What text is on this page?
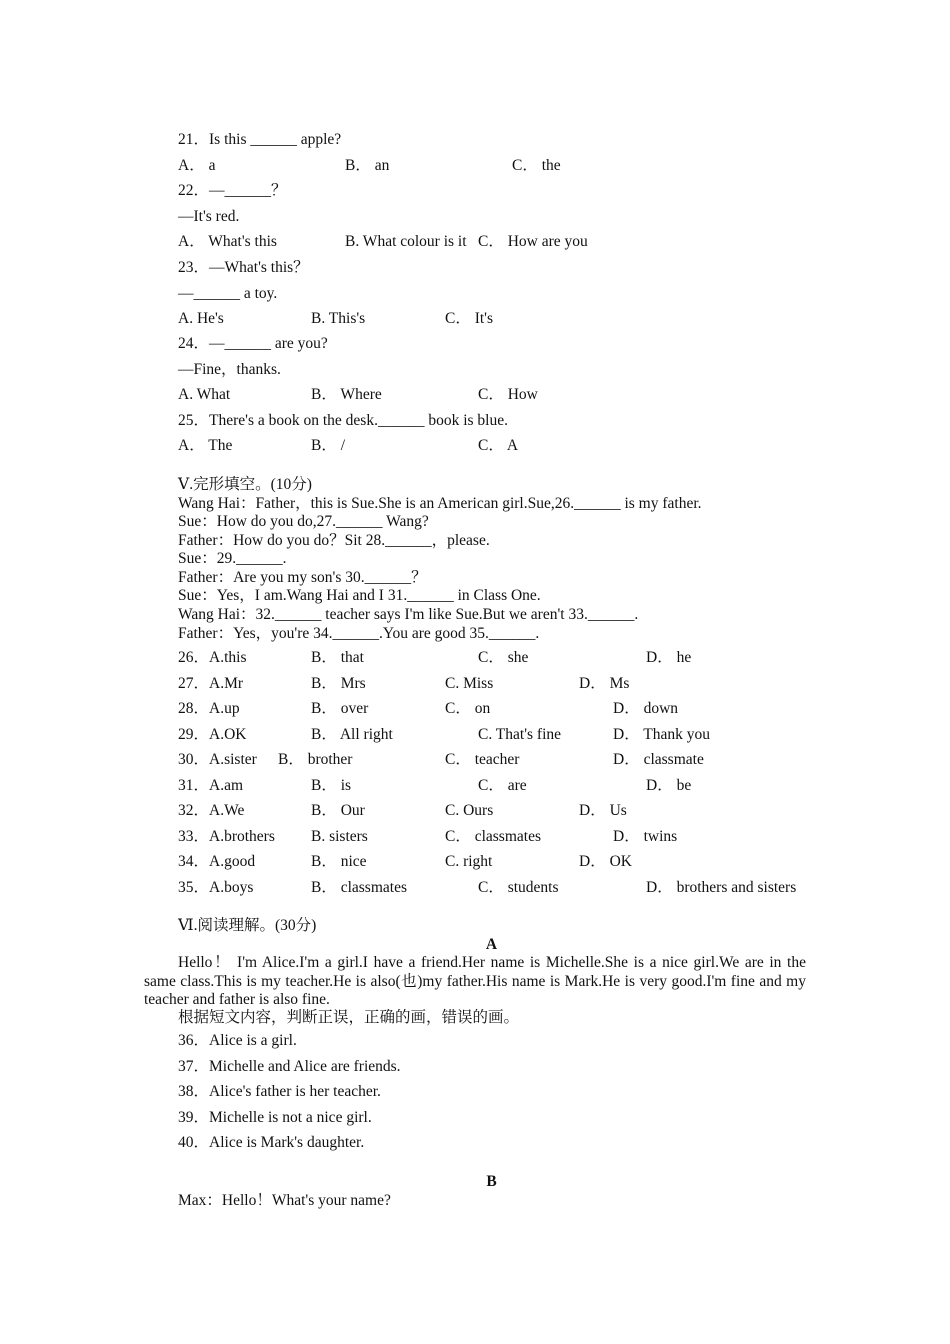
21．Is this ______ apple?
A． a	B． an	C． the
22．—______？
—It's red.
A． What's this	B. What colour is it C． How are you
23．—What's this？
—______ a toy.
A. He's	B. This's	C． It's
24．—______ are you?
—Fine，thanks.
A. What	B． Where	C． How
25．There's a book on the desk.______ book is blue.
A． The	B． /	C． A
Ⅴ.完形填空。(10分)
Wang Hai：Father，this is Sue.She is an American girl.Sue,26.______ is my father.
Sue：How do you do,27.______ Wang?
Father：How do you do？Sit 28.______，please.
Sue：29.______.
Father：Are you my son's 30.______？
Sue：Yes，I am.Wang Hai and I 31.______ in Class One.
Wang Hai：32.______ teacher says I'm like Sue.But we aren't 33.______.
Father：Yes，you're 34.______.You are good 35.______.
26．A.this	B． that	C． she	D． he
27．A.Mr	B． Mrs	C. Miss	D． Ms
28．A.up	B． over	C． on	D． down
29．A.OK	B． All right	C. That's fine	D． Thank you
30．A.sister B． brother	C． teacher	D． classmate
31．A.am	B． is	C． are	D． be
32．A.We	B． Our	C. Ours	D． Us
33．A.brothers B. sisters	C． classmates	D． twins
34．A.good	B． nice	C. right	D． OK
35．A.boys	B． classmates	C． students	D． brothers and sisters
Ⅵ.阅读理解。(30分)
A
Hello！ I'm Alice.I'm a girl.I have a friend.Her name is Michelle.She is a nice girl.We are in the same class.This is my teacher.He is also(也)my father.His name is Mark.He is very good.I'm fine and my teacher and father is also fine.
根据短文内容，判断正误，正确的画，错误的画。
36．Alice is a girl.
37．Michelle and Alice are friends.
38．Alice's father is her teacher.
39．Michelle is not a nice girl.
40．Alice is Mark's daughter.
B
Max：Hello！What's your name?
